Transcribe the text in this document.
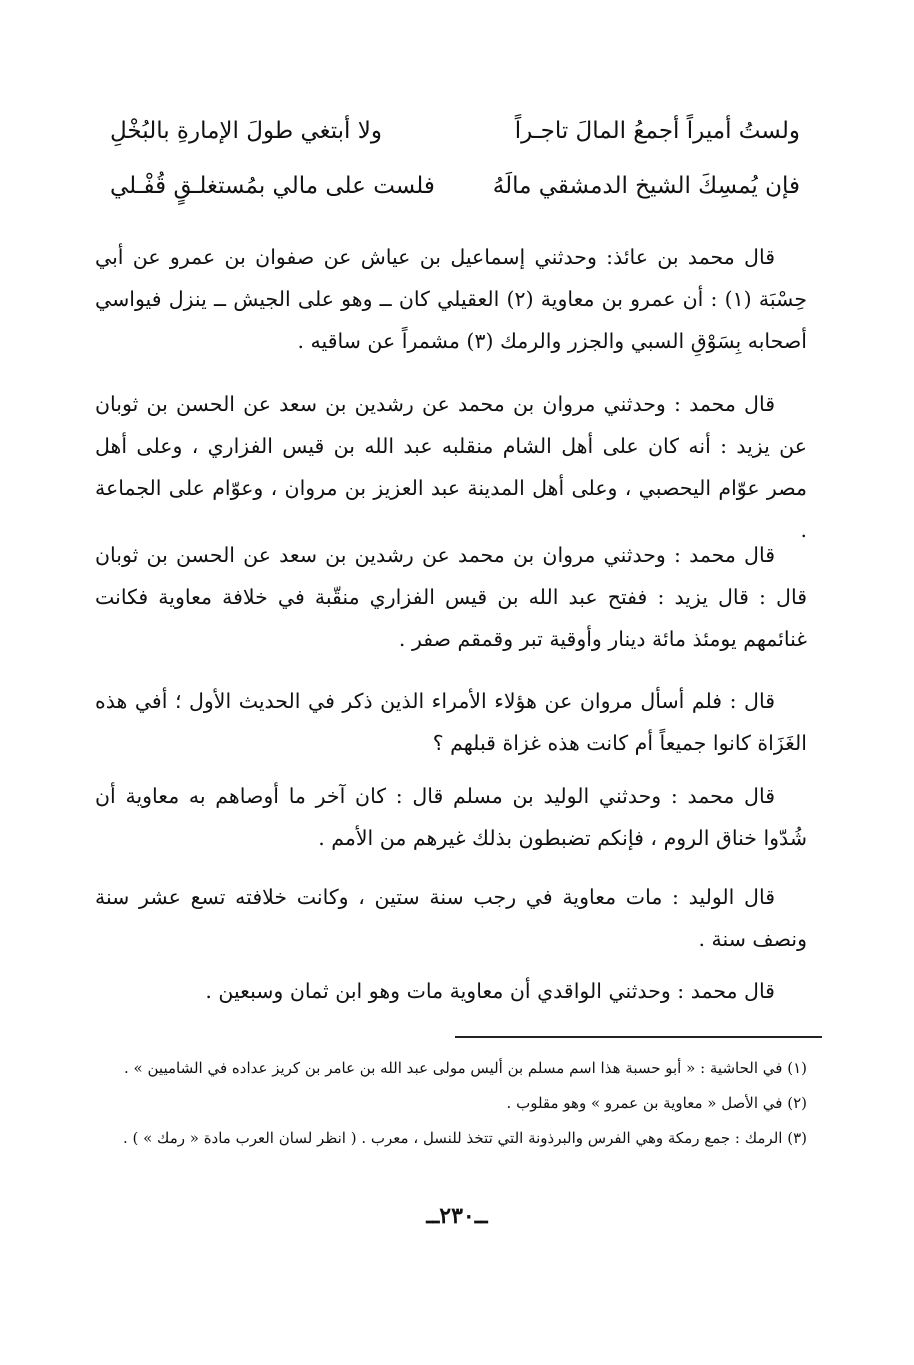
ولستُ أميراً أجمعُ المالَ تاجـراً
ولا أبتغي طولَ الإمارةِ بالبُخْلِ
فإن يُمسِكَ الشيخ الدمشقي مالَهُ
فلست على مالي بمُستغلـقٍ قُفْـلي

قال محمد بن عائذ: وحدثني إسماعيل بن عياش عن صفوان بن عمرو عن أبي حِسْبَة (١) : أن عمرو بن معاوية (٢) العقيلي كان ــ وهو على الجيش ــ ينزل فيواسي أصحابه بِسَوْقِ السبي والجزر والرمك (٣) مشمراً عن ساقيه .

قال محمد : وحدثني مروان بن محمد عن رشدين بن سعد عن الحسن بن ثوبان عن يزيد : أنه كان على أهل الشام منقلبه عبد الله بن قيس الفزاري ، وعلى أهل مصر عوّام اليحصبي ، وعلى أهل المدينة عبد العزيز بن مروان ، وعوّام على الجماعة .

قال محمد : وحدثني مروان بن محمد عن رشدين بن سعد عن الحسن بن ثوبان قال : قال يزيد : ففتح عبد الله بن قيس الفزاري منقّبة في خلافة معاوية فكانت غنائمهم يومئذ مائة دينار وأوقية تبر وقمقم صفر .

قال : فلم أسأل مروان عن هؤلاء الأمراء الذين ذكر في الحديث الأول ؛ أفي هذه الغَزَاة كانوا جميعاً أم كانت هذه غزاة قبلهم ؟

قال محمد : وحدثني الوليد بن مسلم قال : كان آخر ما أوصاهم به معاوية أن شُدّوا خناق الروم ، فإنكم تضبطون بذلك غيرهم من الأمم .

قال الوليد : مات معاوية في رجب سنة ستين ، وكانت خلافته تسع عشر سنة ونصف سنة .

قال محمد : وحدثني الواقدي أن معاوية مات وهو ابن ثمان وسبعين .

(١) في الحاشية : « أبو حسبة هذا اسم مسلم بن أليس مولى عبد الله بن عامر بن كريز عداده في الشاميين » .

(٢) في الأصل « معاوية بن عمرو » وهو مقلوب .

(٣) الرمك : جمع رمكة وهي الفرس والبرذونة التي تتخذ للنسل ، معرب . ( انظر لسان العرب مادة « رمك » ) .

ــ٢٣٠ــ
